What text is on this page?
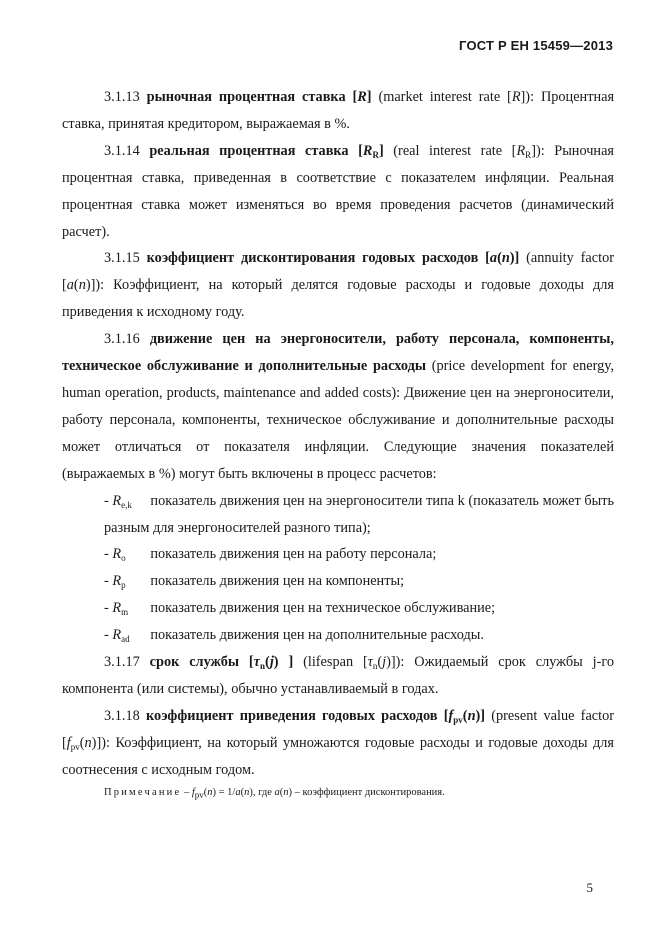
ГОСТ Р ЕН 15459—2013

3.1.13 рыночная процентная ставка [R] (market interest rate [R]): Процентная ставка, принятая кредитором, выражаемая в %.

3.1.14 реальная процентная ставка $[R_R]$ (real interest rate $[R_R]$): Рыночная процентная ставка, приведенная в соответствие с показателем инфляции. Реальная процентная ставка может изменяться во время проведения расчетов (динамический расчет).

3.1.15 коэффициент дисконтирования годовых расходов [a(n)] (annuity factor [a(n)]): Коэффициент, на который делятся годовые расходы и годовые доходы для приведения к исходному году.

3.1.16 движение цен на энергоносители, работу персонала, компоненты, техническое обслуживание и дополнительные расходы (price development for energy, human operation, products, maintenance and added costs): Движение цен на энергоносители, работу персонала, компоненты, техническое обслуживание и дополнительные расходы может отличаться от показателя инфляции. Следующие значения показателей (выражаемых в %) могут быть включены в процесс расчетов:

- $R_{e,k}$ показатель движения цен на энергоносители типа k (показатель может быть разным для энергоносителей разного типа);

- $R_o$ показатель движения цен на работу персонала;

- $R_p$ показатель движения цен на компоненты;

- $R_m$ показатель движения цен на техническое обслуживание;

- $R_{ad}$ показатель движения цен на дополнительные расходы.

3.1.17 срок службы [$\tau_n(j)$ ] (lifespan $[\tau_n(j)]$): Ожидаемый срок службы j-го компонента (или системы), обычно устанавливаемый в годах.

3.1.18 коэффициент приведения годовых расходов $[f_{pv}(n)]$ (present value factor $[f_{pv}(n)]$): Коэффициент, на который умножаются годовые расходы и годовые доходы для соотнесения с исходным годом.

Примечание – fpv(n) = 1/a(n), где a(n) – коэффициент дисконтирования.

5
